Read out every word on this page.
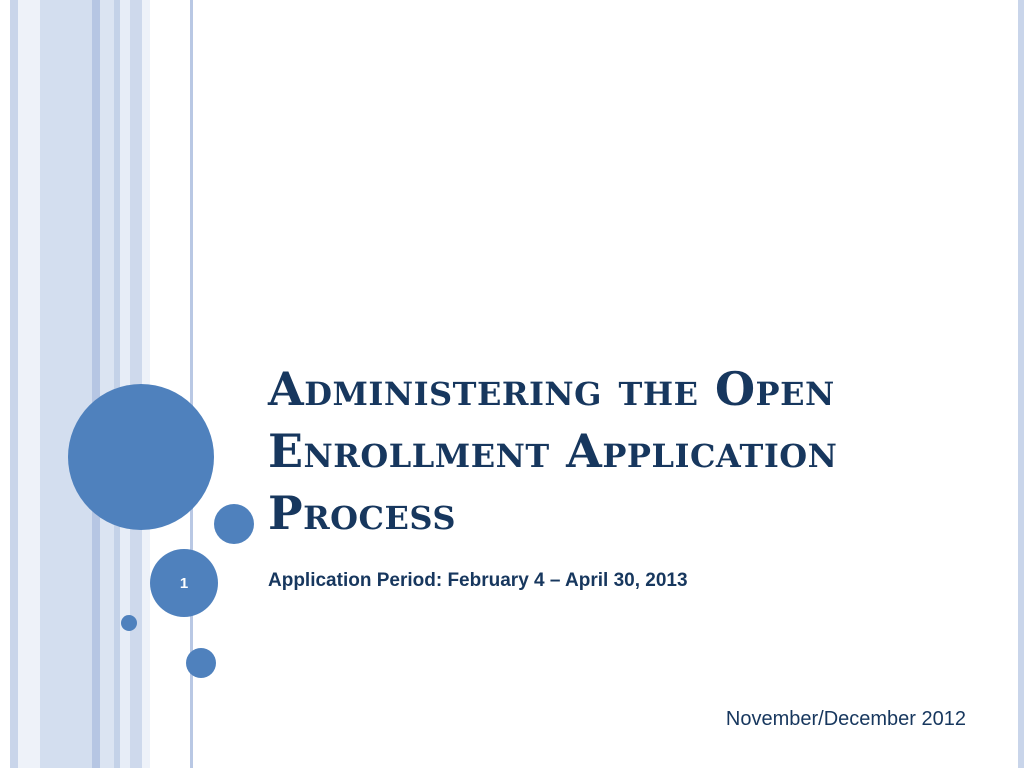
1
Administering the Open Enrollment Application Process

Application Period: February 4 – April 30, 2013

November/December 2012
